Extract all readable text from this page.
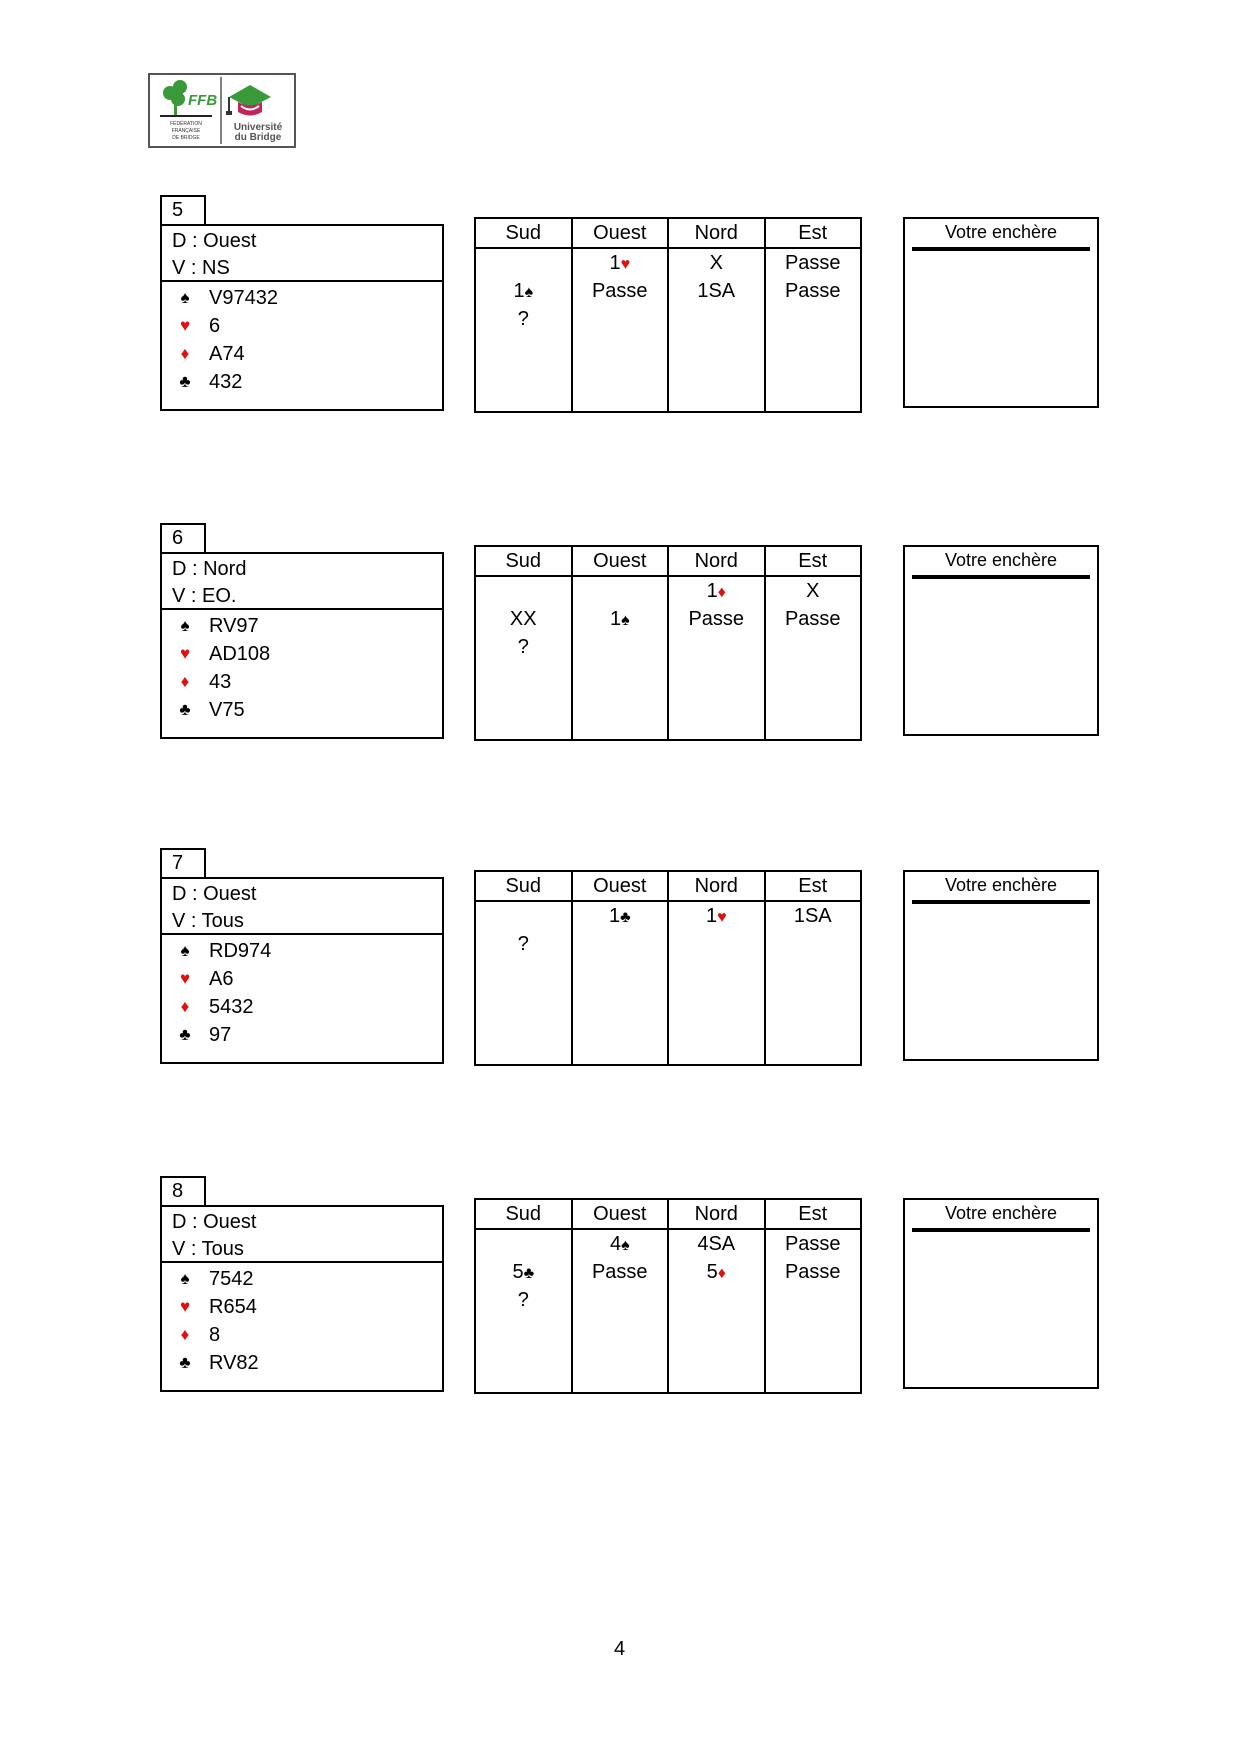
FFB
FÉDÉRATION
FRANÇAISE
DE BRIDGE
Université
du Bridge
5
D : Ouest
V : NS
♠ V97432
♥ 6
♦ A74
♣ 432
Sud
1♠
?
Ouest
1♥
Passe
Nord
X
1SA
Est
Passe
Passe
Votre enchère
6
D : Nord
V : EO.
♠ RV97
♥ AD108
♦ 43
♣ V75
Sud
XX
?
Ouest
1♠
Nord
1♦
Passe
Est
X
Passe
Votre enchère
7
D : Ouest
V : Tous
♠ RD974
♥ A6
♦ 5432
♣ 97
Sud
?
Ouest
1♣
Nord
1♥
Est
1SA
Votre enchère
8
D : Ouest
V : Tous
♠ 7542
♥ R654
♦ 8
♣ RV82
Sud
5♣
?
Ouest
4♠
Passe
Nord
4SA
5♦
Est
Passe
Passe
Votre enchère
4
